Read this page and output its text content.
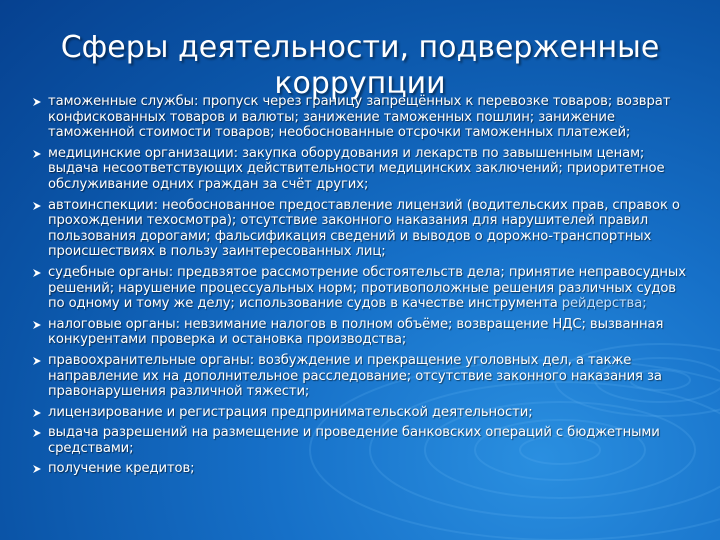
Сферы деятельности, подверженные коррупции
таможенные службы: пропуск через границу запрещённых к перевозке товаров; возврат конфискованных товаров и валюты; занижение таможенных пошлин; занижение таможенной стоимости товаров; необоснованные отсрочки таможенных платежей;
медицинские организации: закупка оборудования и лекарств по завышенным ценам; выдача несоответствующих действительности медицинских заключений; приоритетное обслуживание одних граждан за счёт других;
автоинспекции: необоснованное предоставление лицензий (водительских прав, справок о прохождении техосмотра); отсутствие законного наказания для нарушителей правил пользования дорогами; фальсификация сведений и выводов о дорожно-транспортных происшествиях в пользу заинтересованных лиц;
судебные органы: предвзятое рассмотрение обстоятельств дела; принятие неправосудных решений; нарушение процессуальных норм; противоположные решения различных судов по одному и тому же делу; использование судов в качестве инструмента рейдерства;
налоговые органы: невзимание налогов в полном объёме; возвращение НДС; вызванная конкурентами проверка и остановка производства;
правоохранительные органы: возбуждение и прекращение уголовных дел, а также направление их на дополнительное расследование; отсутствие законного наказания за правонарушения различной тяжести;
лицензирование и регистрация предпринимательской деятельности;
выдача разрешений на размещение и проведение банковских операций с бюджетными средствами;
получение кредитов;
